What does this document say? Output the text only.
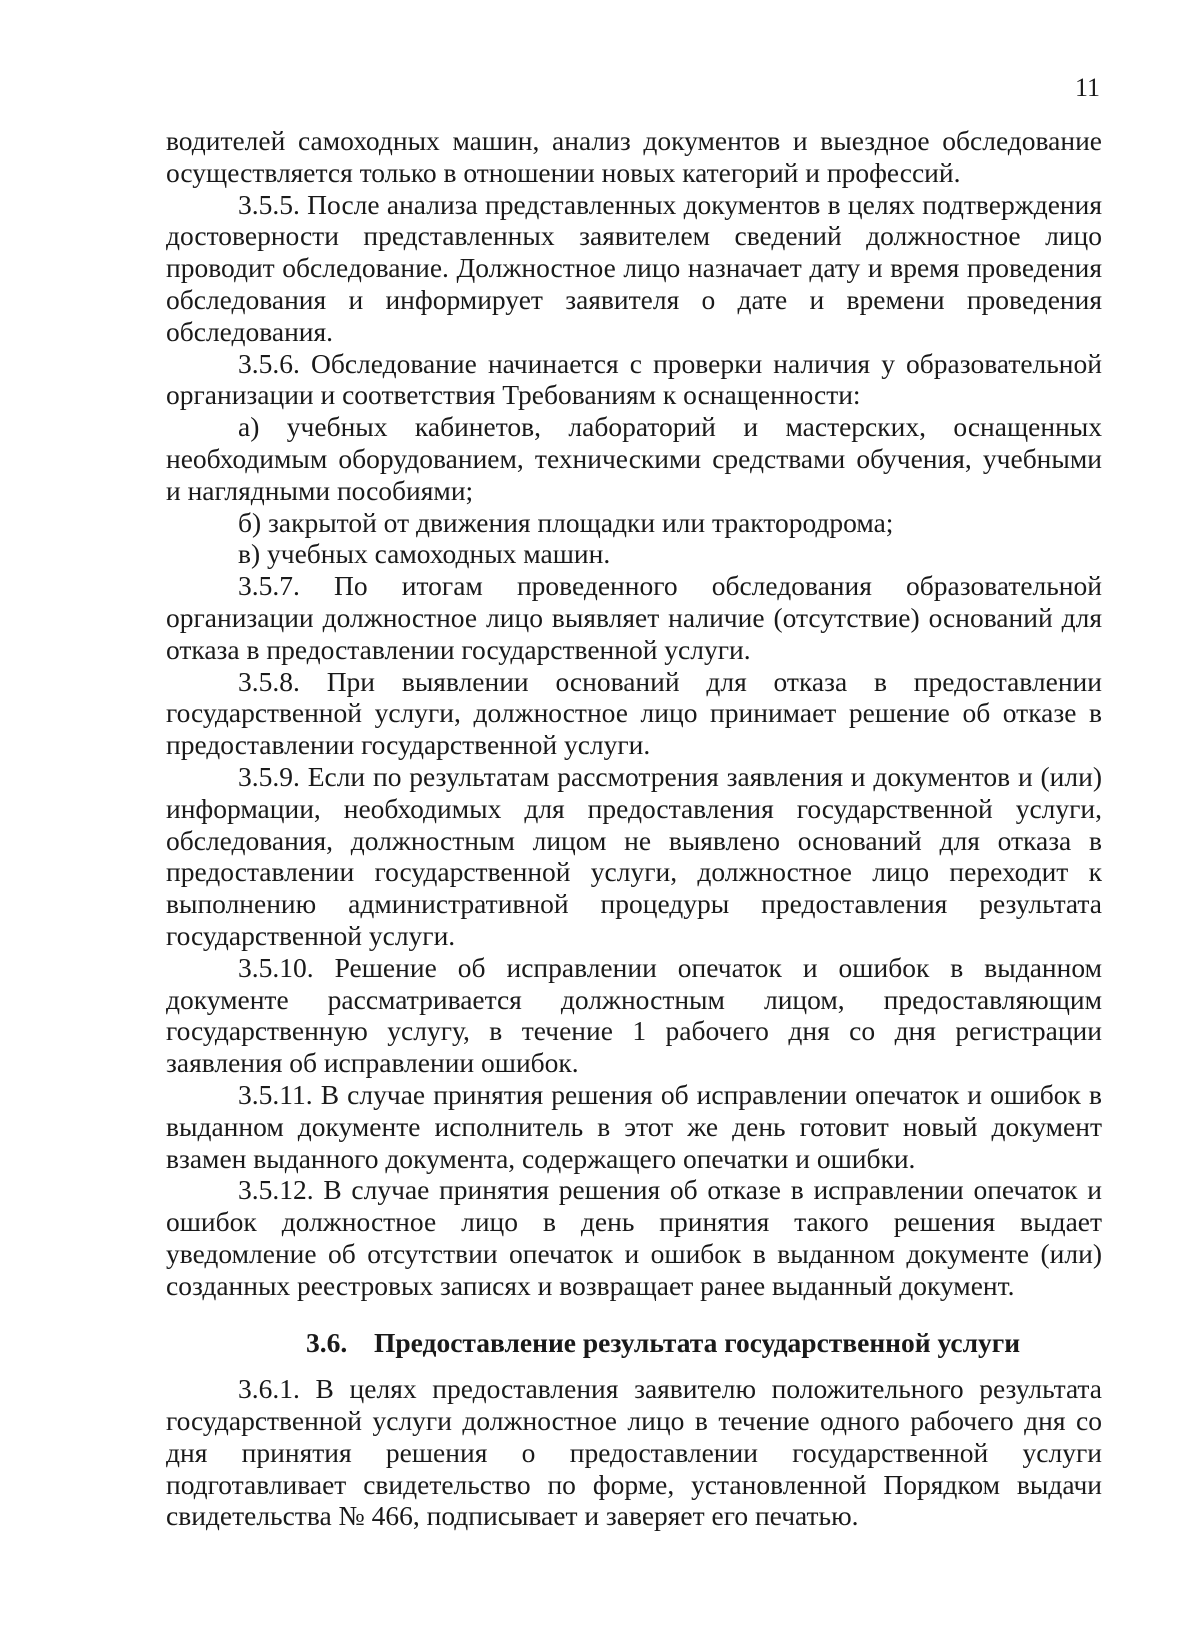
11

водителей самоходных машин, анализ документов и выездное обследование осуществляется только в отношении новых категорий и профессий.

3.5.5. После анализа представленных документов в целях подтверждения достоверности представленных заявителем сведений должностное лицо проводит обследование. Должностное лицо назначает дату и время проведения обследования и информирует заявителя о дате и времени проведения обследования.

3.5.6. Обследование начинается с проверки наличия у образовательной организации и соответствия Требованиям к оснащенности:

а) учебных кабинетов, лабораторий и мастерских, оснащенных необходимым оборудованием, техническими средствами обучения, учебными и наглядными пособиями;

б) закрытой от движения площадки или трактородрома;

в) учебных самоходных машин.

3.5.7. По итогам проведенного обследования образовательной организации должностное лицо выявляет наличие (отсутствие) оснований для отказа в предоставлении государственной услуги.

3.5.8. При выявлении оснований для отказа в предоставлении государственной услуги, должностное лицо принимает решение об отказе в предоставлении государственной услуги.

3.5.9. Если по результатам рассмотрения заявления и документов и (или) информации, необходимых для предоставления государственной услуги, обследования, должностным лицом не выявлено оснований для отказа в предоставлении государственной услуги, должностное лицо переходит к выполнению административной процедуры предоставления результата государственной услуги.

3.5.10. Решение об исправлении опечаток и ошибок в выданном документе рассматривается должностным лицом, предоставляющим государственную услугу, в течение 1 рабочего дня со дня регистрации заявления об исправлении ошибок.

3.5.11. В случае принятия решения об исправлении опечаток и ошибок в выданном документе исполнитель в этот же день готовит новый документ взамен выданного документа, содержащего опечатки и ошибки.

3.5.12. В случае принятия решения об отказе в исправлении опечаток и ошибок должностное лицо в день принятия такого решения выдает уведомление об отсутствии опечаток и ошибок в выданном документе (или) созданных реестровых записях и возвращает ранее выданный документ.

3.6. Предоставление результата государственной услуги

3.6.1. В целях предоставления заявителю положительного результата государственной услуги должностное лицо в течение одного рабочего дня со дня принятия решения о предоставлении государственной услуги подготавливает свидетельство по форме, установленной Порядком выдачи свидетельства № 466, подписывает и заверяет его печатью.
